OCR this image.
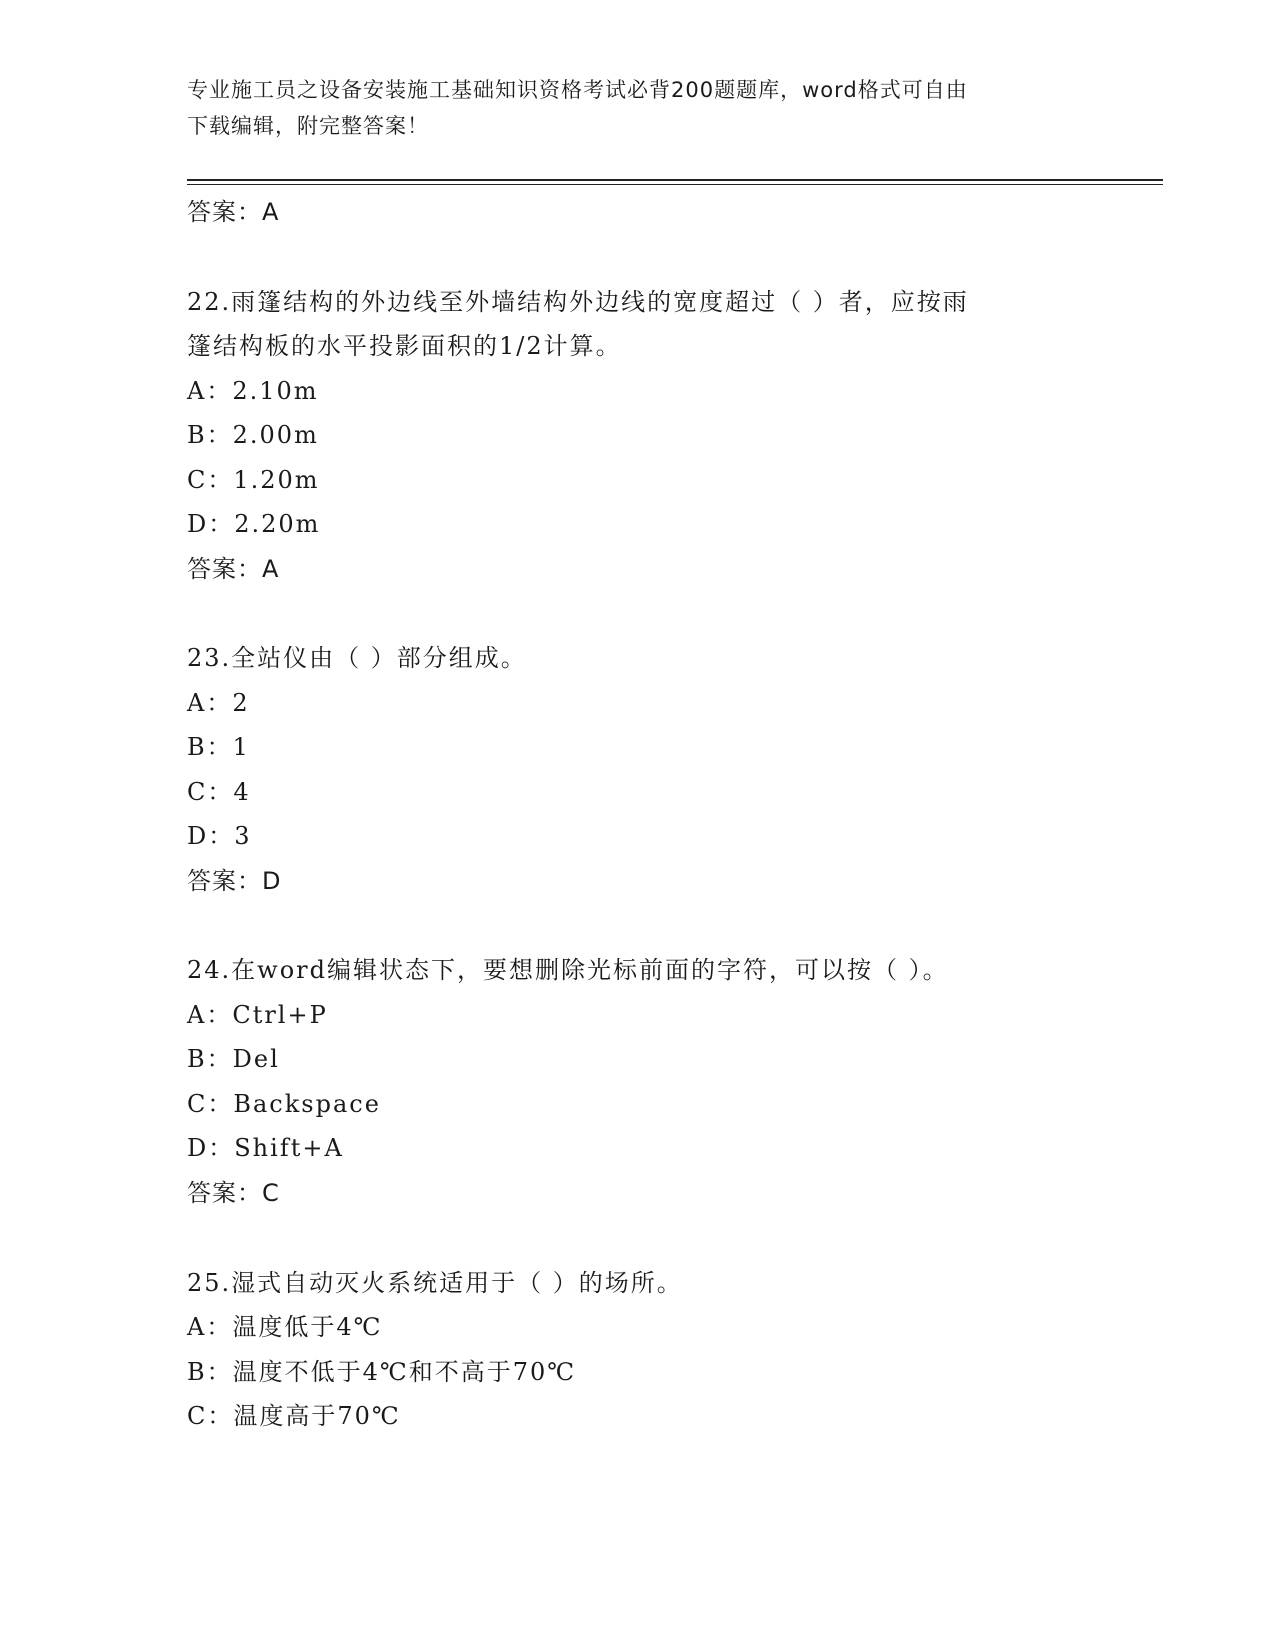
专业施工员之设备安装施工基础知识资格考试必背200题题库，word格式可自由
下载编辑，附完整答案！
答案：A
22.雨篷结构的外边线至外墙结构外边线的宽度超过（ ）者，应按雨
篷结构板的水平投影面积的1/2计算。
A：2.10m
B：2.00m
C：1.20m
D：2.20m
答案：A
23.全站仪由（ ）部分组成。
A：2
B：1
C：4
D：3
答案：D
24.在word编辑状态下，要想删除光标前面的字符，可以按（ ）。
A：Ctrl+P
B：Del
C：Backspace
D：Shift+A
答案：C
25.湿式自动灭火系统适用于（ ）的场所。
A：温度低于4℃
B：温度不低于4℃和不高于70℃
C：温度高于70℃
